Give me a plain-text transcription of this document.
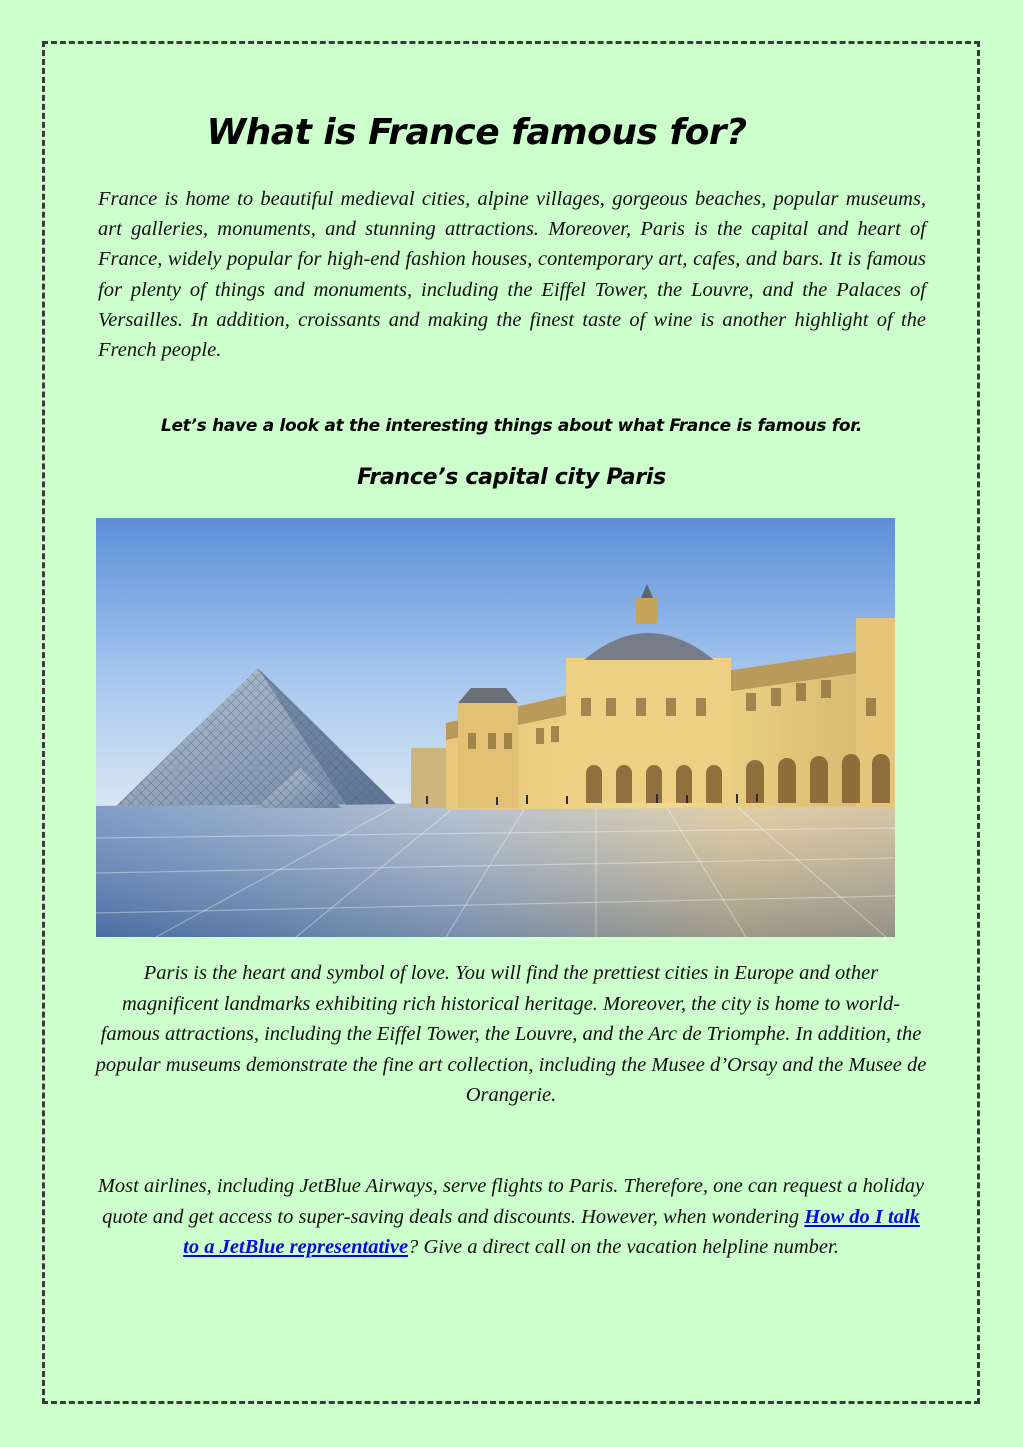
What is France famous for?

France is home to beautiful medieval cities, alpine villages, gorgeous beaches, popular museums, art galleries, monuments, and stunning attractions. Moreover, Paris is the capital and heart of France, widely popular for high-end fashion houses, contemporary art, cafes, and bars. It is famous for plenty of things and monuments, including the Eiffel Tower, the Louvre, and the Palaces of Versailles. In addition, croissants and making the finest taste of wine is another highlight of the French people.

Let’s have a look at the interesting things about what France is famous for.

France’s capital city Paris

Paris is the heart and symbol of love. You will find the prettiest cities in Europe and other magnificent landmarks exhibiting rich historical heritage. Moreover, the city is home to world-famous attractions, including the Eiffel Tower, the Louvre, and the Arc de Triomphe. In addition, the popular museums demonstrate the fine art collection, including the Musee d’Orsay and the Musee de Orangerie.

Most airlines, including JetBlue Airways, serve flights to Paris. Therefore, one can request a holiday quote and get access to super-saving deals and discounts. However, when wondering How do I talk to a JetBlue representative? Give a direct call on the vacation helpline number.
